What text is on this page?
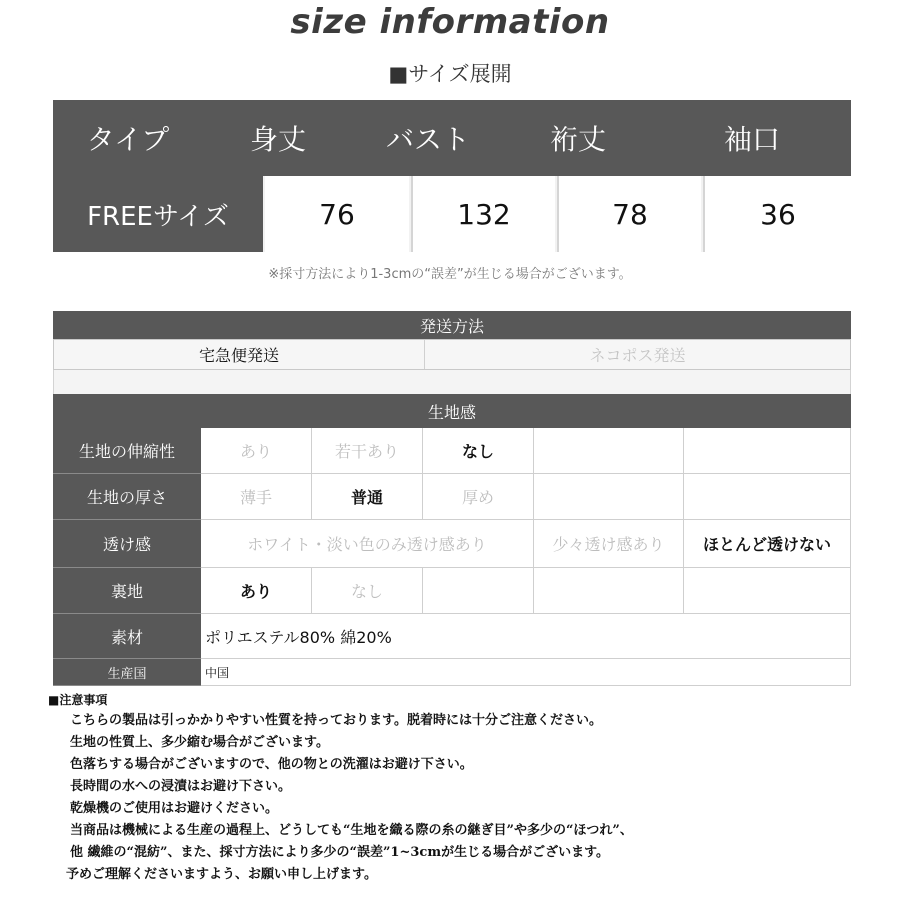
size information
■サイズ展開
タイプ	身丈	バスト	裄丈	袖口
FREEサイズ	76	132	78	36
※採寸方法により1-3cmの“誤差”が生じる場合がございます。
発送方法
宅急便発送	ネコポス発送
生地感
生地の伸縮性	あり	若干あり	なし
生地の厚さ	薄手	普通	厚め
透け感	ホワイト・淡い色のみ透け感あり	少々透け感あり	ほとんど透けない
裏地	あり	なし
素材	ポリエステル80% 綿20%
生産国	中国
■注意事項
こちらの製品は引っかかりやすい性質を持っております。脱着時には十分ご注意ください。
生地の性質上、多少縮む場合がございます。
色落ちする場合がございますので、他の物との洗濯はお避け下さい。
長時間の水への浸漬はお避け下さい。
乾燥機のご使用はお避けください。
当商品は機械による生産の過程上、どうしても“生地を織る際の糸の継ぎ目”や多少の“ほつれ”、
他 繊維の“混紡”、また、採寸方法により多少の“誤差”1~3cmが生じる場合がございます。
予めご理解くださいますよう、お願い申し上げます。
